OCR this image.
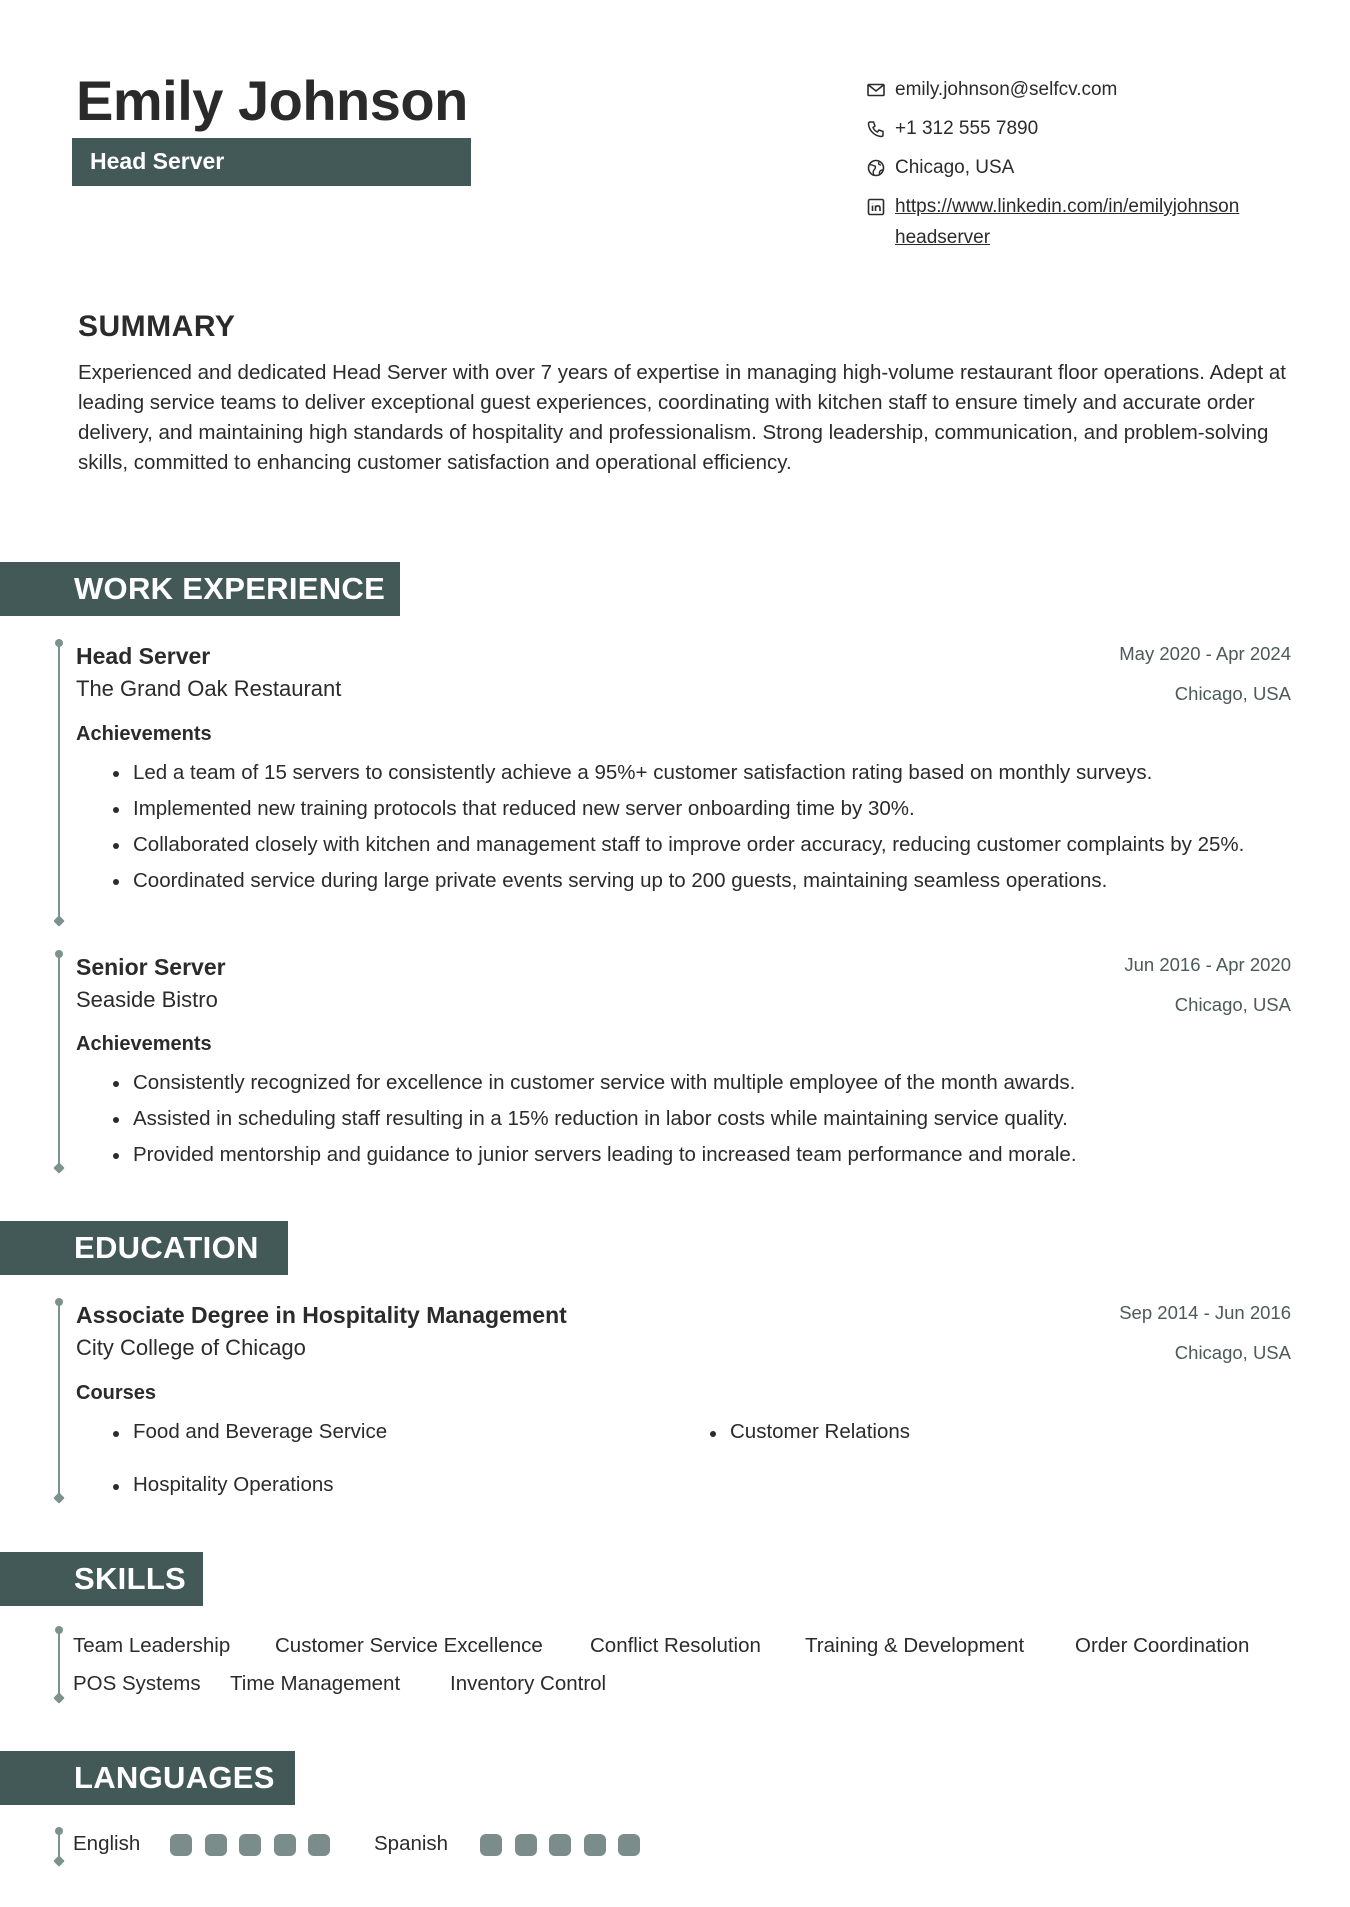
Emily Johnson
Head Server
emily.johnson@selfcv.com
+1 312 555 7890
Chicago, USA
https://www.linkedin.com/in/emilyjohnson
headserver
SUMMARY
Experienced and dedicated Head Server with over 7 years of expertise in managing high-volume restaurant floor operations. Adept at leading service teams to deliver exceptional guest experiences, coordinating with kitchen staff to ensure timely and accurate order delivery, and maintaining high standards of hospitality and professionalism. Strong leadership, communication, and problem-solving skills, committed to enhancing customer satisfaction and operational efficiency.
WORK EXPERIENCE
Head Server	May 2020 - Apr 2024
The Grand Oak Restaurant	Chicago, USA
Achievements
Led a team of 15 servers to consistently achieve a 95%+ customer satisfaction rating based on monthly surveys.
Implemented new training protocols that reduced new server onboarding time by 30%.
Collaborated closely with kitchen and management staff to improve order accuracy, reducing customer complaints by 25%.
Coordinated service during large private events serving up to 200 guests, maintaining seamless operations.
Senior Server	Jun 2016 - Apr 2020
Seaside Bistro	Chicago, USA
Achievements
Consistently recognized for excellence in customer service with multiple employee of the month awards.
Assisted in scheduling staff resulting in a 15% reduction in labor costs while maintaining service quality.
Provided mentorship and guidance to junior servers leading to increased team performance and morale.
EDUCATION
Associate Degree in Hospitality Management	Sep 2014 - Jun 2016
City College of Chicago	Chicago, USA
Courses
Food and Beverage Service	Customer Relations
Hospitality Operations
SKILLS
Team Leadership Customer Service Excellence Conflict Resolution Training & Development Order Coordination
POS Systems Time Management Inventory Control
LANGUAGES
English	Spanish
